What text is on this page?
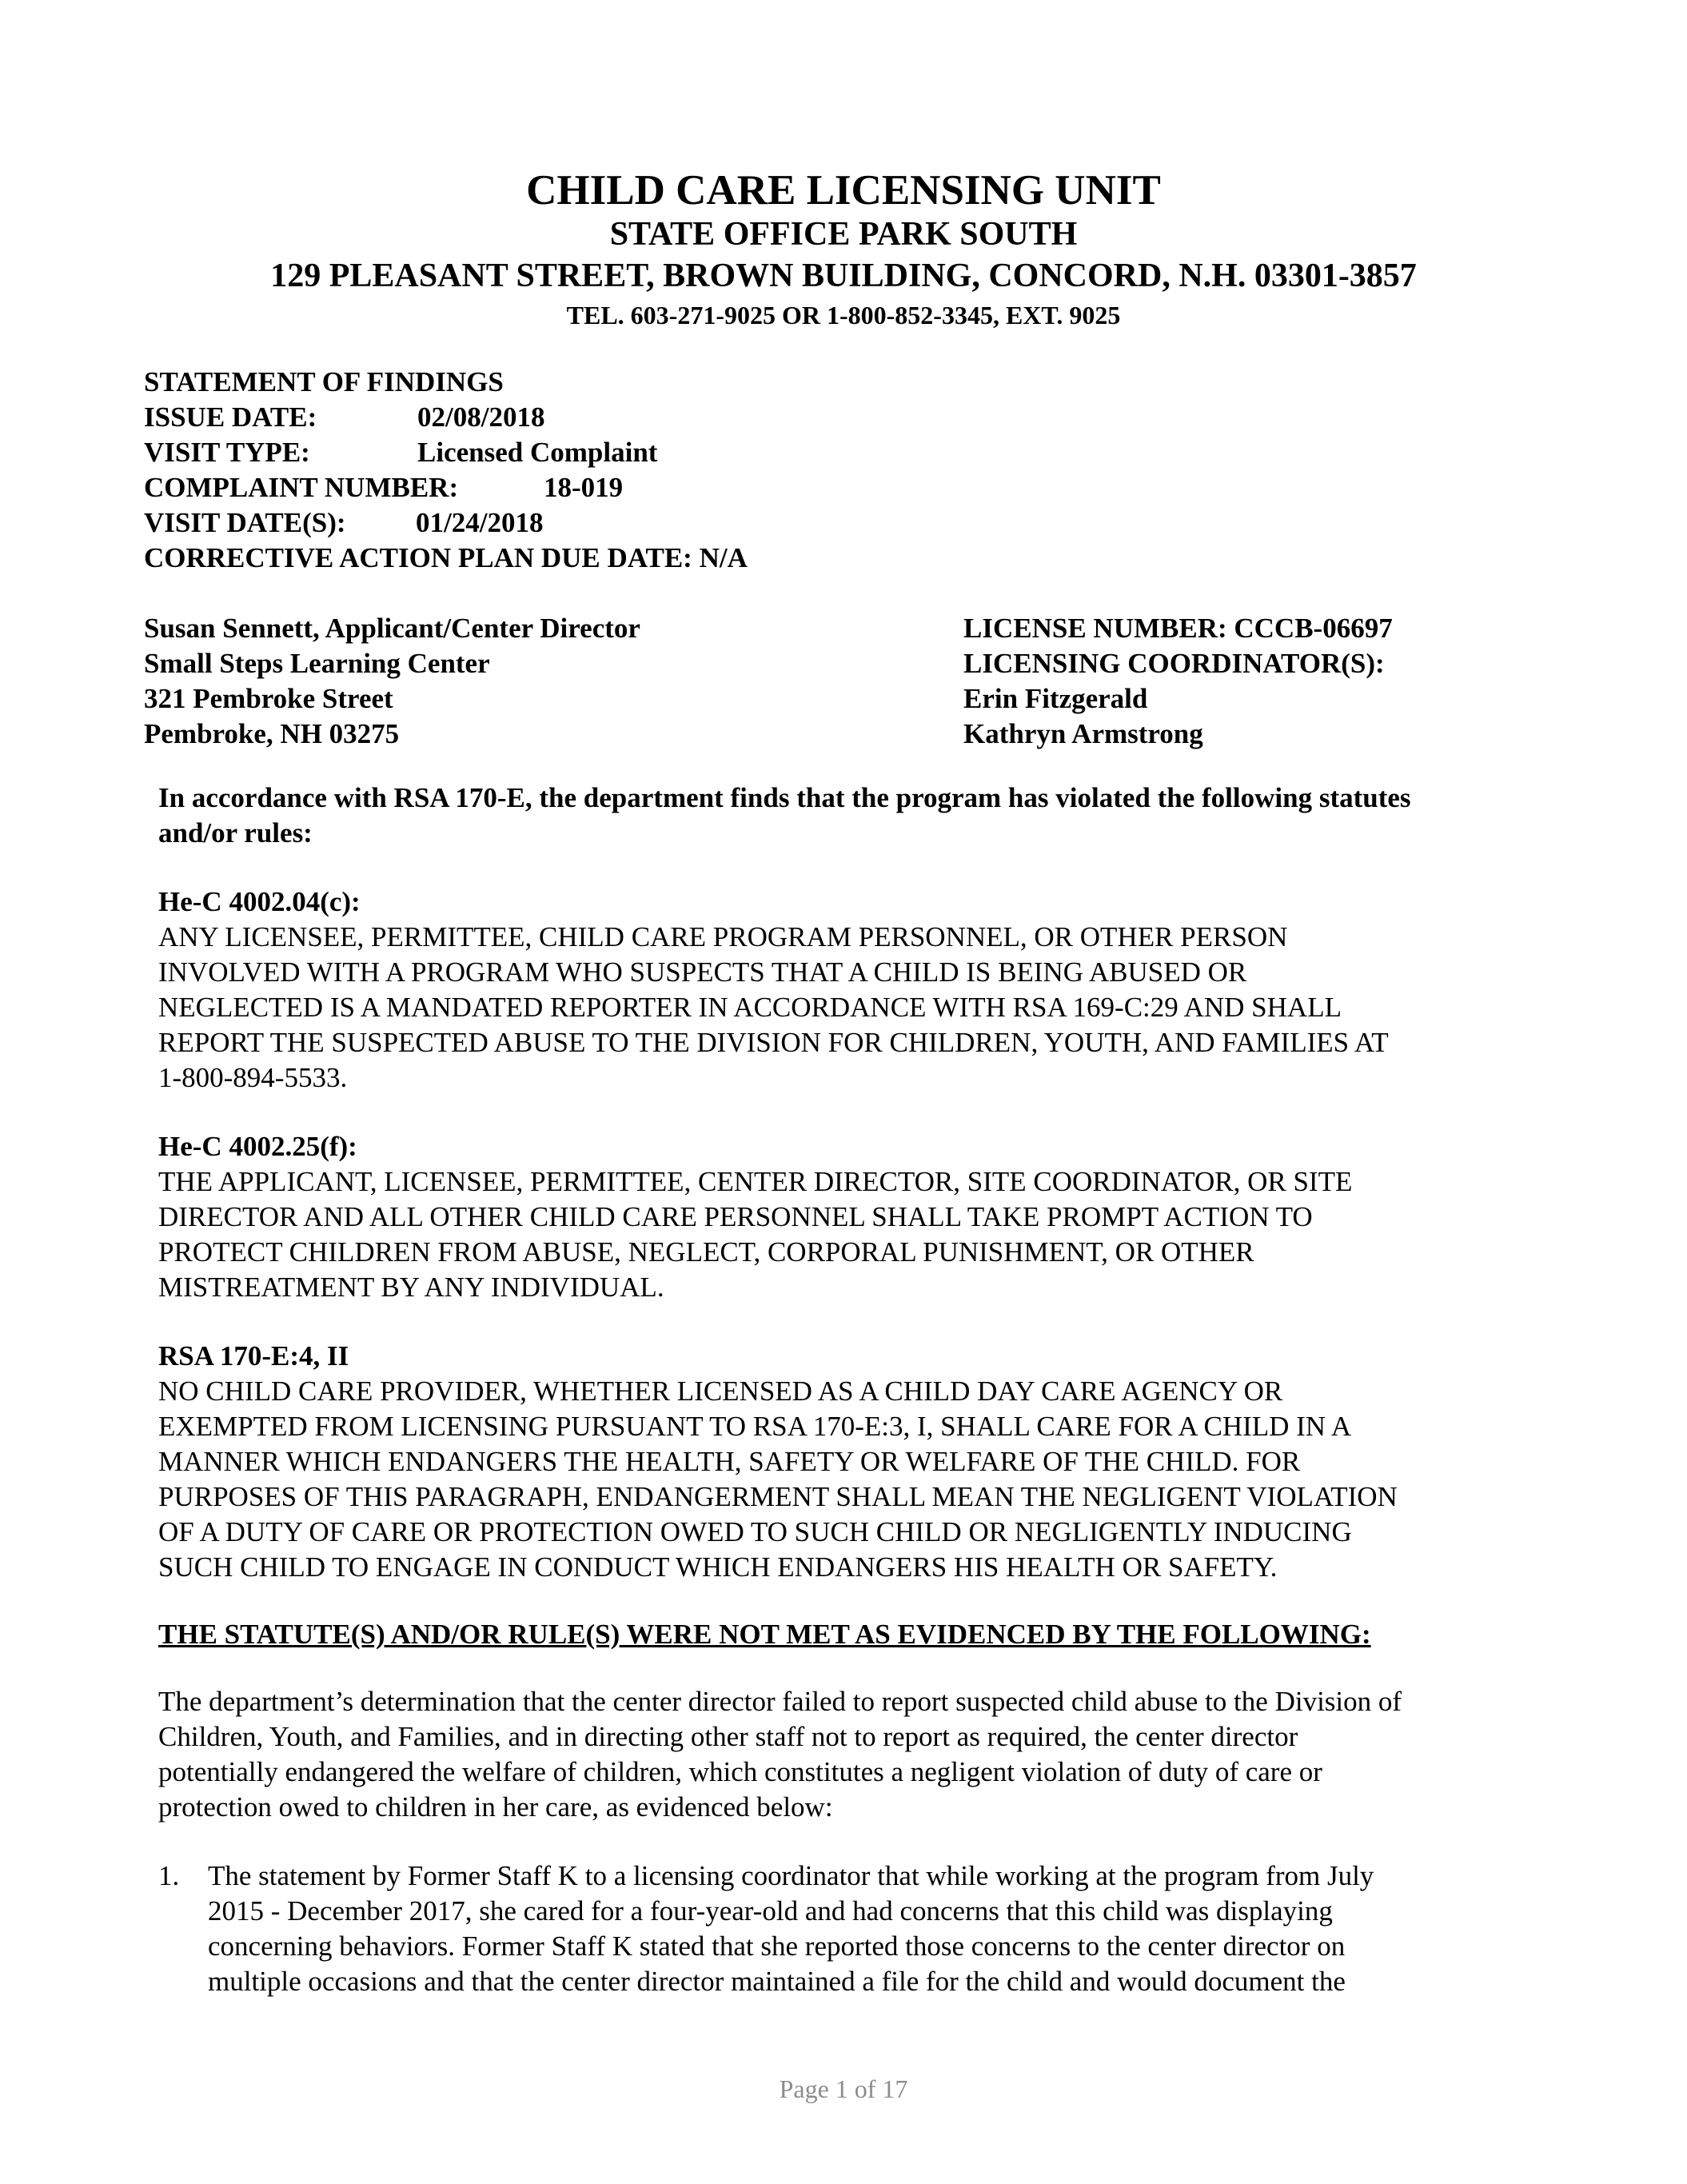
CHILD CARE LICENSING UNIT
STATE OFFICE PARK SOUTH
129 PLEASANT STREET, BROWN BUILDING, CONCORD, N.H. 03301-3857
TEL. 603-271-9025 OR 1-800-852-3345, EXT. 9025
STATEMENT OF FINDINGS
ISSUE DATE:	02/08/2018
VISIT TYPE:	Licensed Complaint
COMPLAINT NUMBER:	18-019
VISIT DATE(S): 01/24/2018
CORRECTIVE ACTION PLAN DUE DATE: N/A
Susan Sennett, Applicant/Center Director
Small Steps Learning Center
321 Pembroke Street
Pembroke, NH 03275
LICENSE NUMBER: CCCB-06697
LICENSING COORDINATOR(S):
Erin Fitzgerald
Kathryn Armstrong
In accordance with RSA 170-E, the department finds that the program has violated the following statutes
and/or rules:
He-C 4002.04(c):
ANY LICENSEE, PERMITTEE, CHILD CARE PROGRAM PERSONNEL, OR OTHER PERSON
INVOLVED WITH A PROGRAM WHO SUSPECTS THAT A CHILD IS BEING ABUSED OR
NEGLECTED IS A MANDATED REPORTER IN ACCORDANCE WITH RSA 169-C:29 AND SHALL
REPORT THE SUSPECTED ABUSE TO THE DIVISION FOR CHILDREN, YOUTH, AND FAMILIES AT
1-800-894-5533.
He-C 4002.25(f):
THE APPLICANT, LICENSEE, PERMITTEE, CENTER DIRECTOR, SITE COORDINATOR, OR SITE
DIRECTOR AND ALL OTHER CHILD CARE PERSONNEL SHALL TAKE PROMPT ACTION TO
PROTECT CHILDREN FROM ABUSE, NEGLECT, CORPORAL PUNISHMENT, OR OTHER
MISTREATMENT BY ANY INDIVIDUAL.
RSA 170-E:4, II
NO CHILD CARE PROVIDER, WHETHER LICENSED AS A CHILD DAY CARE AGENCY OR
EXEMPTED FROM LICENSING PURSUANT TO RSA 170-E:3, I, SHALL CARE FOR A CHILD IN A
MANNER WHICH ENDANGERS THE HEALTH, SAFETY OR WELFARE OF THE CHILD. FOR
PURPOSES OF THIS PARAGRAPH, ENDANGERMENT SHALL MEAN THE NEGLIGENT VIOLATION
OF A DUTY OF CARE OR PROTECTION OWED TO SUCH CHILD OR NEGLIGENTLY INDUCING
SUCH CHILD TO ENGAGE IN CONDUCT WHICH ENDANGERS HIS HEALTH OR SAFETY.
THE STATUTE(S) AND/OR RULE(S) WERE NOT MET AS EVIDENCED BY THE FOLLOWING:
The department’s determination that the center director failed to report suspected child abuse to the Division of
Children, Youth, and Families, and in directing other staff not to report as required, the center director
potentially endangered the welfare of children, which constitutes a negligent violation of duty of care or
protection owed to children in her care, as evidenced below:
1. The statement by Former Staff K to a licensing coordinator that while working at the program from July
2015 - December 2017, she cared for a four-year-old and had concerns that this child was displaying
concerning behaviors. Former Staff K stated that she reported those concerns to the center director on
multiple occasions and that the center director maintained a file for the child and would document the
Page 1 of 17
